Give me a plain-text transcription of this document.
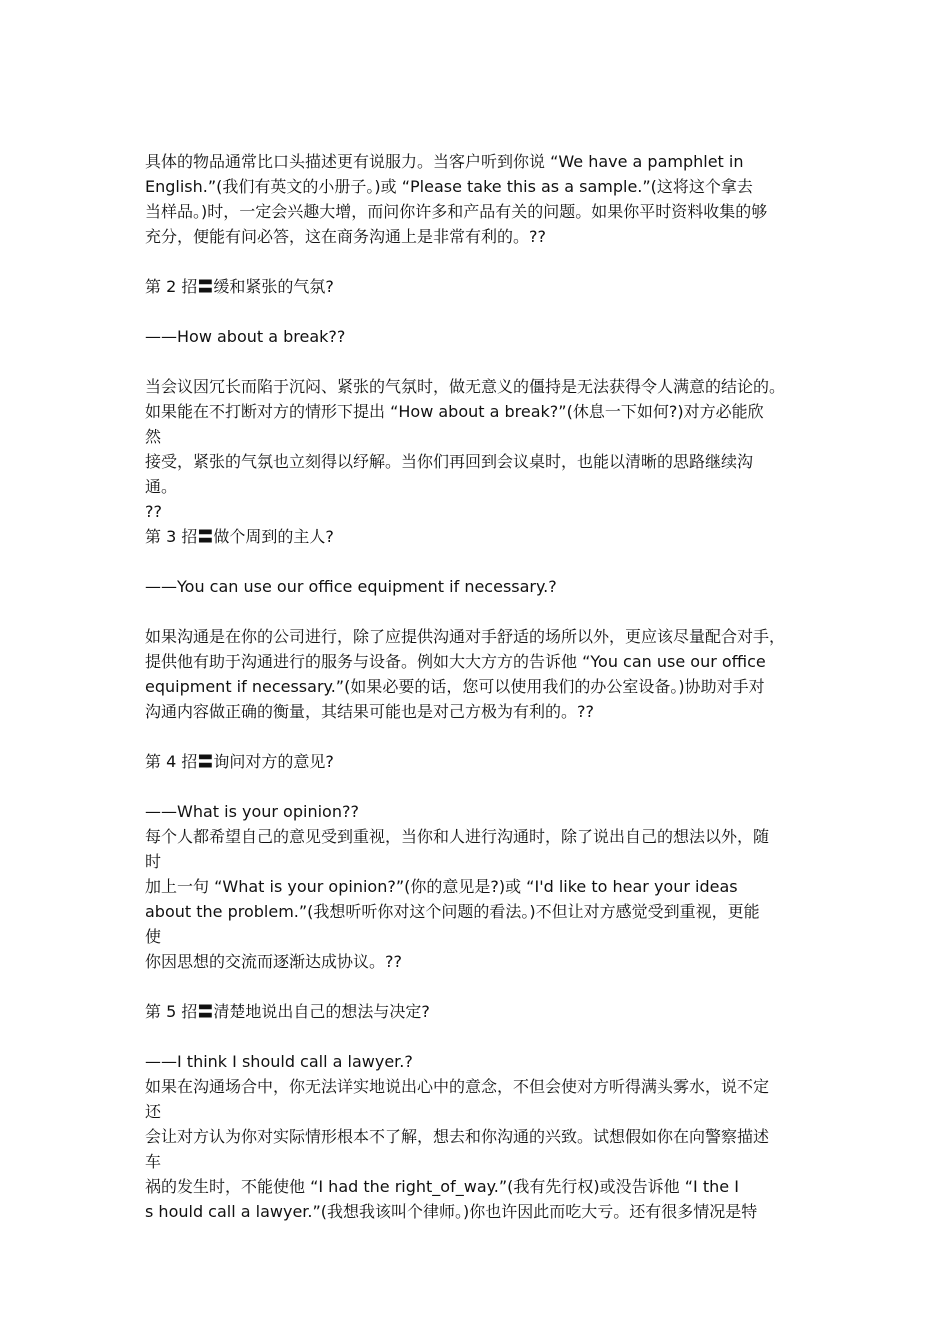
具体的物品通常比口头描述更有说服力。当客户听到你说 “We have a pamphlet in
English.”(我们有英文的小册子。)或 “Please take this as a sample.”(这将这个拿去
当样品。)时，一定会兴趣大增，而问你许多和产品有关的问题。如果你平时资料收集的够
充分，便能有问必答，这在商务沟通上是非常有利的。??
第 2 招〓缓和紧张的气氛?
——How about a break??
当会议因冗长而陷于沉闷、紧张的气氛时，做无意义的僵持是无法获得令人满意的结论的。
如果能在不打断对方的情形下提出 “How about a break?”(休息一下如何?)对方必能欣
然
接受，紧张的气氛也立刻得以纾解。当你们再回到会议桌时，也能以清晰的思路继续沟
通。
??
第 3 招〓做个周到的主人?
——You can use our office equipment if necessary.?
如果沟通是在你的公司进行，除了应提供沟通对手舒适的场所以外，更应该尽量配合对手，
提供他有助于沟通进行的服务与设备。例如大大方方的告诉他 “You can use our office
equipment if necessary.”(如果必要的话，您可以使用我们的办公室设备。)协助对手对
沟通内容做正确的衡量，其结果可能也是对己方极为有利的。??
第 4 招〓询问对方的意见?
——What is your opinion??
每个人都希望自己的意见受到重视，当你和人进行沟通时，除了说出自己的想法以外，随
时
加上一句 “What is your opinion?”(你的意见是?)或 “I'd like to hear your ideas
about the problem.”(我想听听你对这个问题的看法。)不但让对方感觉受到重视，更能
使
你因思想的交流而逐渐达成协议。??
第 5 招〓清楚地说出自己的想法与决定?
——I think I should call a lawyer.?
如果在沟通场合中，你无法详实地说出心中的意念，不但会使对方听得满头雾水，说不定
还
会让对方认为你对实际情形根本不了解，想去和你沟通的兴致。试想假如你在向警察描述
车
祸的发生时，不能使他 “I had the right_of_way.”(我有先行权)或没告诉他 “I the I
s hould call a lawyer.”(我想我该叫个律师。)你也许因此而吃大亏。还有很多情况是特
